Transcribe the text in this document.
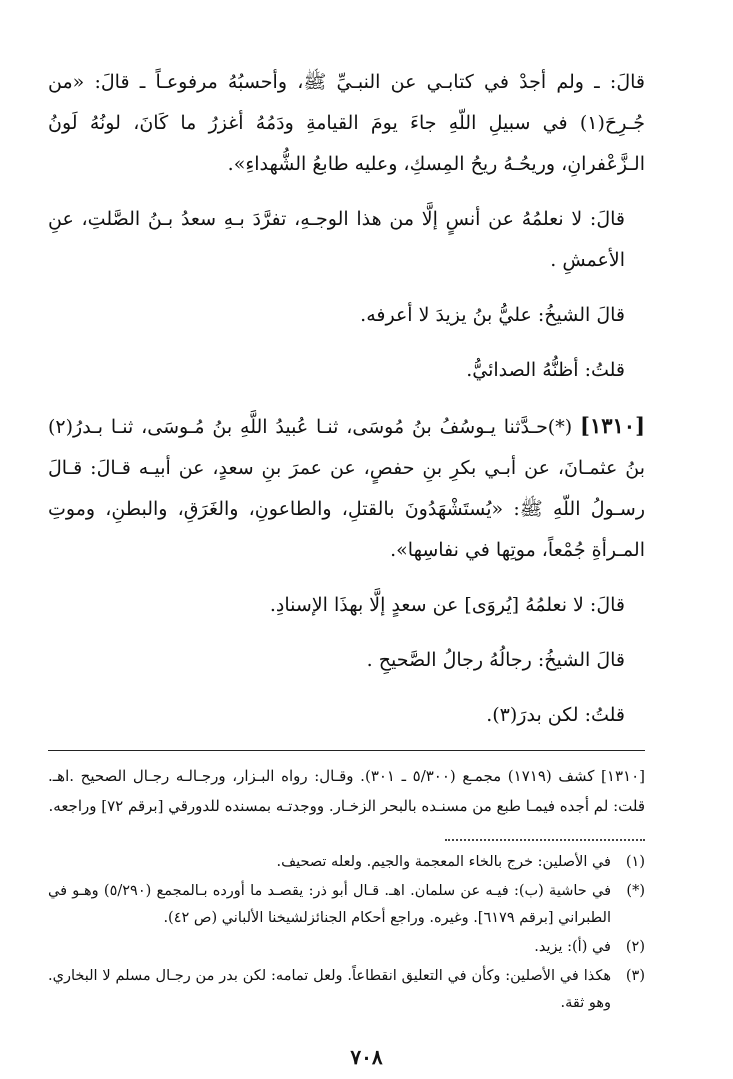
قالَ: ـ ولم أجدْ في كتابـي عن النبـيِّ ﷺ، وأحسبُهُ مرفوعـاً ـ قالَ: «من جُـرِحَ(١) في سبيلِ اللّهِ جاءَ يومَ القيامةِ ودَمُهُ أغزرُ ما كَانَ، لونُهُ لَونُ الـزَّعْفرانِ، وريحُـهُ ريحُ المِسكِ، وعليه طابعُ الشُّهداءِ».

قالَ: لا نعلمُهُ عن أنسٍ إلَّا من هذا الوجـهِ، تفرَّدَ بـهِ سعدُ بـنُ الصَّلتِ، عنِ الأعمشِ .

قالَ الشيخُ: عليُّ بنُ يزيدَ لا أعرفه.

قلتُ: أظنُّهُ الصدائيُّ.

[١٣١٠] (*)حـدَّثنا يـوسُفُ بنُ مُوسَى، ثنـا عُبيدُ اللَّهِ بنُ مُـوسَى، ثنـا بـدرُ(٢) بنُ عثمـانَ، عن أبـي بكرِ بنِ حفصٍ، عن عمرَ بنِ سعدٍ، عن أبيـه قـالَ: قـالَ رسـولُ اللّهِ ﷺ: «يُستَشْهَدُونَ بالقتلِ، والطاعونِ، والغَرَقِ، والبطنِ، وموتِ المـرأةِ جُمْعاً، موتِها في نفاسِها».

قالَ: لا نعلمُهُ [يُروَى] عن سعدٍ إلَّا بهذَا الإسنادِ.

قالَ الشيخُ: رجالُهُ رجالُ الصَّحيحِ .

قلتُ: لكن بدرَ(٣).

[١٣١٠] كشف (١٧١٩) مجمـع (٥/٣٠٠ ـ ٣٠١). وقـال: رواه البـزار، ورجـالـه رجـال الصحيح .اهـ. قلت: لم أجده فيمـا طبع من مسنـده بالبحر الزخـار. ووجدتـه بمسنده للدورقي [برقم ٧٢] وراجعه.

(١)
في الأصلين: خرج بالخاء المعجمة والجيم. ولعله تصحيف.
(*)
في حاشية (ب): فيـه عن سلمان. اهـ. قـال أبو ذر: يقصـد ما أورده بـالمجمع (٥/٢٩٠) وهـو في الطبراني [برقم ٦١٧٩]. وغيره. وراجع أحكام الجنائزلشيخنا الألباني (ص ٤٢).
(٢)
في (أ): يزيد.
(٣)
هكذا في الأصلين: وكأن في التعليق انقطاعاً. ولعل تمامه: لكن بدر من رجـال مسلم لا البخاري. وهو ثقة.
٧٠٨
